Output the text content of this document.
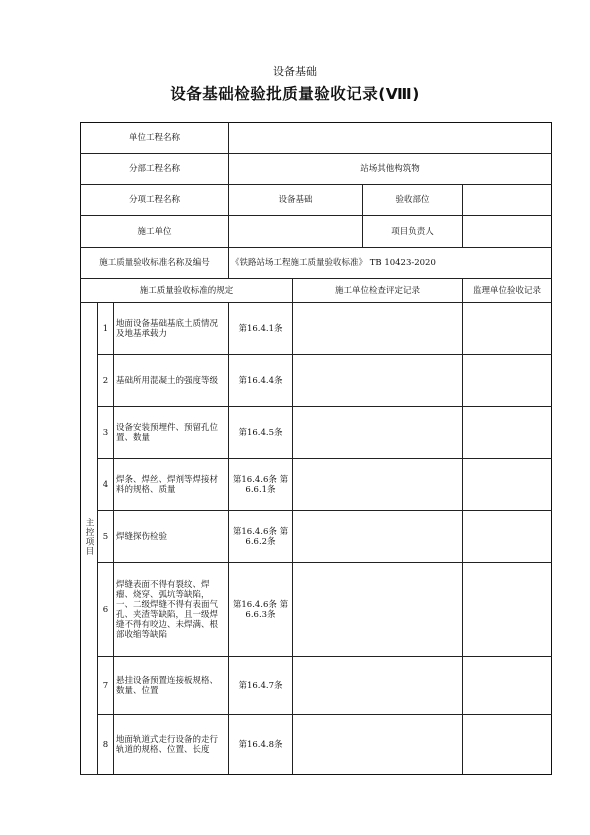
设备基础
设备基础检验批质量验收记录(Ⅷ)
单位工程名称						
分部工程名称			站场其他构筑物			
分项工程名称			设备基础		验收部位	
施工单位					项目负责人	
施工质量验收标准名称及编号			《铁路站场工程施工质量验收标准》 TB 10423-2020			
施工质量验收标准的规定				施工单位检查评定记录		监理单位验收记录
主控项目	1	地面设备基础基底土质情况及地基承载力	第16.4.1条			
	2	基础所用混凝土的强度等级	第16.4.4条			
	3	设备安装预埋件、预留孔位置、数量	第16.4.5条			
	4	焊条、焊丝、焊剂等焊接材料的规格、质量	第16.4.6条 第6.6.1条			
	5	焊缝探伤检验	第16.4.6条 第6.6.2条			
	6	焊缝表面不得有裂纹、焊瘤、烧穿、弧坑等缺陷，一、二级焊缝不得有表面气孔、夹渣等缺陷，且一级焊缝不得有咬边、未焊满、根部收缩等缺陷	第16.4.6条 第6.6.3条			
	7	悬挂设备预置连接板规格、数量、位置	第16.4.7条			
	8	地面轨道式走行设备的走行轨道的规格、位置、长度	第16.4.8条			
